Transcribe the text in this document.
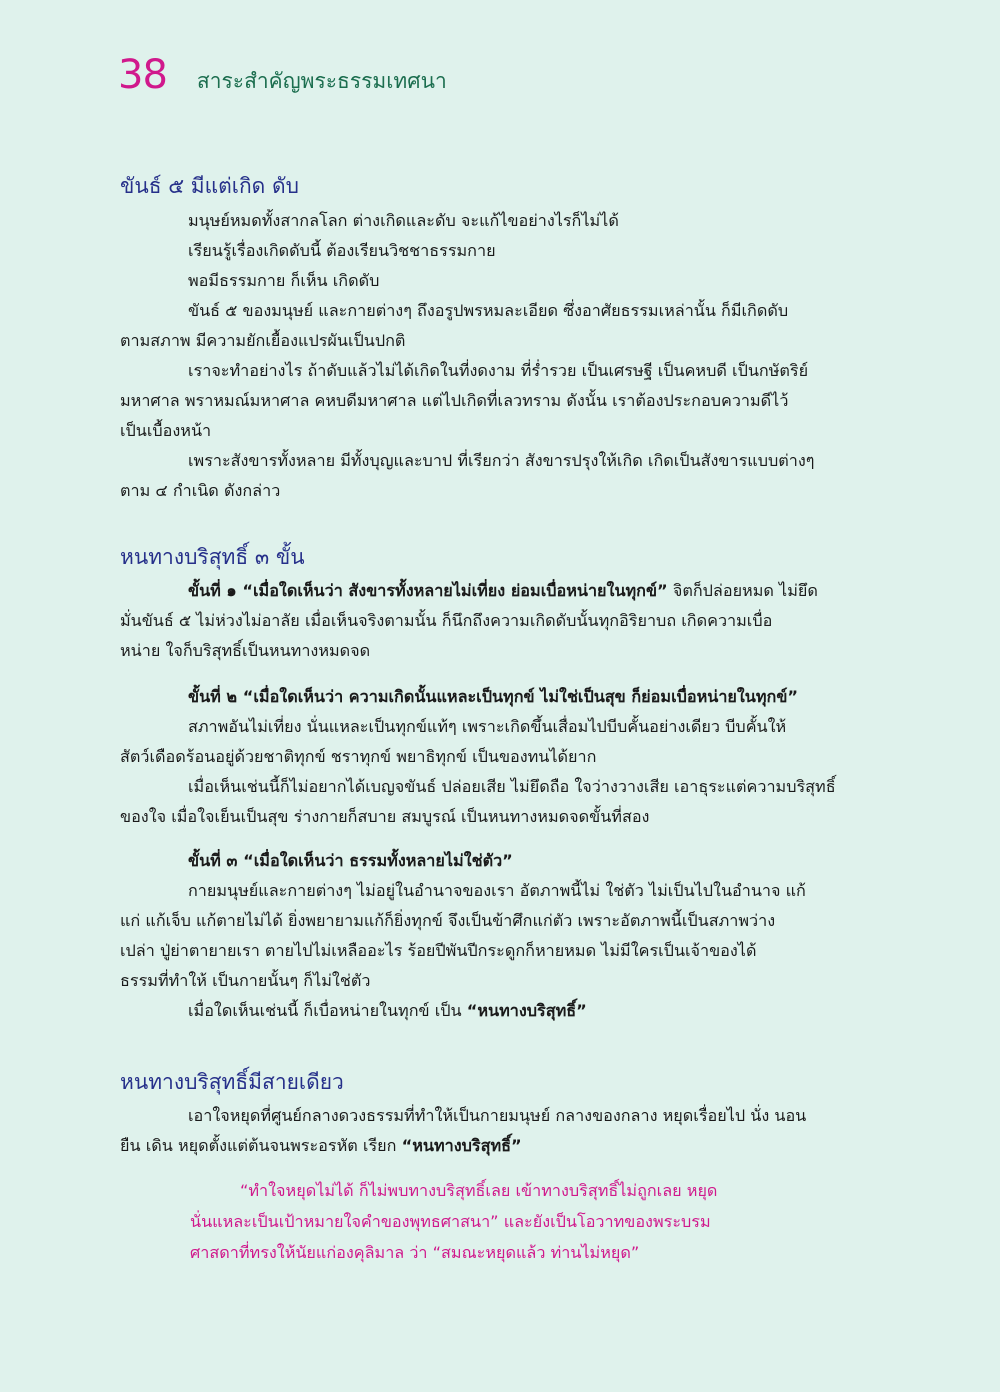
38 สาระสำคัญพระธรรมเทศนา
ขันธ์ ๕ มีแต่เกิด ดับ
มนุษย์หมดทั้งสากลโลก ต่างเกิดและดับ จะแก้ไขอย่างไรก็ไม่ได้
เรียนรู้เรื่องเกิดดับนี้ ต้องเรียนวิชชาธรรมกาย
พอมีธรรมกาย ก็เห็น เกิดดับ
ขันธ์ ๕ ของมนุษย์ และกายต่างๆ ถึงอรูปพรหมละเอียด ซึ่งอาศัยธรรมเหล่านั้น ก็มีเกิดดับ
ตามสภาพ มีความยักเยื้องแปรผันเป็นปกติ
เราจะทำอย่างไร ถ้าดับแล้วไม่ได้เกิดในที่งดงาม ที่ร่ำรวย เป็นเศรษฐี เป็นคหบดี เป็นกษัตริย์
มหาศาล พราหมณ์มหาศาล คหบดีมหาศาล แต่ไปเกิดที่เลวทราม ดังนั้น เราต้องประกอบความดีไว้
เป็นเบื้องหน้า
เพราะสังขารทั้งหลาย มีทั้งบุญและบาป ที่เรียกว่า สังขารปรุงให้เกิด เกิดเป็นสังขารแบบต่างๆ
ตาม ๔ กำเนิด ดังกล่าว
หนทางบริสุทธิ์ ๓ ขั้น
ขั้นที่ ๑ “เมื่อใดเห็นว่า สังขารทั้งหลายไม่เที่ยง ย่อมเบื่อหน่ายในทุกข์” จิตก็ปล่อยหมด ไม่ยึด
มั่นขันธ์ ๕ ไม่ห่วงไม่อาลัย เมื่อเห็นจริงตามนั้น ก็นึกถึงความเกิดดับนั้นทุกอิริยาบถ เกิดความเบื่อ
หน่าย ใจก็บริสุทธิ์เป็นหนทางหมดจด
ขั้นที่ ๒ “เมื่อใดเห็นว่า ความเกิดนั้นแหละเป็นทุกข์ ไม่ใช่เป็นสุข ก็ย่อมเบื่อหน่ายในทุกข์”
สภาพอันไม่เที่ยง นั่นแหละเป็นทุกข์แท้ๆ เพราะเกิดขึ้นเสื่อมไปบีบคั้นอย่างเดียว บีบคั้นให้
สัตว์เดือดร้อนอยู่ด้วยชาติทุกข์ ชราทุกข์ พยาธิทุกข์ เป็นของทนได้ยาก
เมื่อเห็นเช่นนี้ก็ไม่อยากได้เบญจขันธ์ ปล่อยเสีย ไม่ยึดถือ ใจว่างวางเสีย เอาธุระแต่ความบริสุทธิ์
ของใจ เมื่อใจเย็นเป็นสุข ร่างกายก็สบาย สมบูรณ์ เป็นหนทางหมดจดขั้นที่สอง
ขั้นที่ ๓ “เมื่อใดเห็นว่า ธรรมทั้งหลายไม่ใช่ตัว”
กายมนุษย์และกายต่างๆ ไม่อยู่ในอำนาจของเรา อัตภาพนี้ไม่ ใช่ตัว ไม่เป็นไปในอำนาจ แก้
แก่ แก้เจ็บ แก้ตายไม่ได้ ยิ่งพยายามแก้ก็ยิ่งทุกข์ จึงเป็นข้าศึกแก่ตัว เพราะอัตภาพนี้เป็นสภาพว่าง
เปล่า ปู่ย่าตายายเรา ตายไปไม่เหลืออะไร ร้อยปีพันปีกระดูกก็หายหมด ไม่มีใครเป็นเจ้าของได้
ธรรมที่ทำให้ เป็นกายนั้นๆ ก็ไม่ใช่ตัว
เมื่อใดเห็นเช่นนี้ ก็เบื่อหน่ายในทุกข์ เป็น “หนทางบริสุทธิ์”
หนทางบริสุทธิ์มีสายเดียว
เอาใจหยุดที่ศูนย์กลางดวงธรรมที่ทำให้เป็นกายมนุษย์ กลางของกลาง หยุดเรื่อยไป นั่ง นอน
ยืน เดิน หยุดตั้งแต่ต้นจนพระอรหัต เรียก “หนทางบริสุทธิ์”
“ทำใจหยุดไม่ได้ ก็ไม่พบทางบริสุทธิ์เลย เข้าทางบริสุทธิ์ไม่ถูกเลย หยุด
นั่นแหละเป็นเป้าหมายใจคำของพุทธศาสนา” และยังเป็นโอวาทของพระบรม
ศาสดาที่ทรงให้นัยแก่องคุลิมาล ว่า “สมณะหยุดแล้ว ท่านไม่หยุด”
